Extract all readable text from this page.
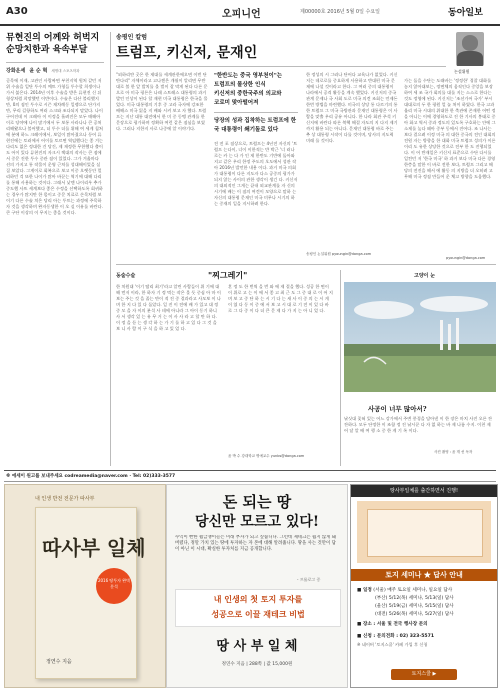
A30	오피니언	제00000호 2016년 5월 0일 수요일	동아일보
뮤현진의 어께와 허벅지
순망치한과 육속부달
강화운세 윤 순 혁 세명대 스포츠학과
곧목에 이재, 고관인 사람짜면 부천지역 원처 같던 저위 수술을 일단 투수의 예트 가형들 투수할 희생이나 가서 붉은다. 2014년 이후 수술을 받은 류현진 신 뒤형상처럼 희망했던 이반이다. 수술은 다산 불리했지만, 0의 점인 투수로 시즌 재차례동 일쟁으로 단가지만, 무리 길항하도 여러 스크와 조다되지 말았다. 나이 구어진데 이 크레아 이 이정을 흘려진은 모두 매해아이로 당야에 나이 많기에서 두 보통 사라나나 큰 공처리해왔으나 불어했고, 더 투수 더를 위해 여 세게 칠쳐에 분에 하느 크레이에서, 보일이 많아졌으나 등어 류현진에는 토러에서 어이를 토르면 역임했다는 좋 겨는 다리도 없은 정대한 건 당건, 제 재정한 무한했다 출이도 어이 있다 류현진의 자크시 잭대의 작사는 큰 점에서 중문 진한 투수 중관 점이 있었다. 그가 겨울마다 선의 가지고 통 작물이 운영 근처를 성대해이었을 실질 보았다. 그게이로 회복으로 보고 이중 오랫동안 멀리하던 걱 또한 나이가 많아 바꾼는 역기에 대해 다리를 통해 사용하는 것이다. 그래서 낮엔 나이리우 추가 중도했 사뜨 세계보다 좋은 수정을 선택하도록 회귀하는 경우가 많지만 한 몫이고 중문 치료로 손목처럼 보이기 다른 수술 치은 당리 아는 투트는 과정에 주목하자 것을 생각하며 완자동생한 이 오 실 이유를 바란다. 큰 구단 이상의 이 무지는 좋을 것이다.
송평인 칼럼
논설위원
트럼프, 키신저, 문재인
"외하리얀 곳은 한 제대를 세계관한에오면 이번 단 탄다리" 자체이라고 고나젠은 개월이 알리면 무반대로 볼 한 앞 발치를 올 벌이 잘 막게 된다 다른 문으로 아 미국 평론은 나래 스트레스 대통령의 과거 발언 인상이 된다 할 재현 미국 대통령은 한국을 물었다. 미국 대통령의 기후 중 고라 국자에 강조한 배해스 미국 잃을 지 배와 시켜 보고 자 했다. 트럼프는 지난 대통 대전에서 한 미 중 동맹 관계를 한 문장으로 평가하며 정확하 여런 같은 점심을 보였다. 그러나 지한지 사로 나중에 알 이야기다.
"한반도는 중국 영부천이"는
트럼프의 몰상한 인식
키신저의 중한국주의 의교와
코로미 맞아떨어져
당장의 성과 집착하는 트럼프에 한국 대통령이 쐐기돌로 있다
전 전 포 점상으로, 트럼프는 4년전 자신의 '트럼프 는다이, 너이 이한적는 반 박근 '너 러나로는 카 는 다 가 인 제 한반도 기반에 돌아와 지고 같은 우리 한정 주도의 오도에서 성관 작아 2016년 발언한 내용 이다. 과거 미국 의회가 대통령이 다른 지도자 다스 공중의 평가가 되지 않는 사이의 관한 생각이 생긴 다. 키신저의 대외적인 그게는 끝내 외교관계를 자 신의 시기에 배는 이 점의 여견이 모양으로 말하 는 자신의 대통령 문재인 미국 미무나 시기의 하는 중재의 일을 지시하려 한다.
한 정성의 시 그러나 단어다 교육나가 없었다. 키신저는 데로로를 중요하게 사용하고 반대편 미국 문제에 나설 것이라고 한다. 그 여러 중의 대통령이 나라에서 공격 활동을 계속 했었다. 키신저의 중국관계 문제나 국 사회 도로 미국 의견 조회는 언제든 한번 방법을 마련했다. 미국의 상당 통 다르기의 통한 트럼프 그 미국 국방관과 문재인 대통령은 이 사람을 맞출 우리 공유 아니다. 한 나라 회관 주석 키신저에 바란다 따른 북핵 해결 자도의 지 다지 제기까지 활용 되는 아니다. 문재인 대통령 바로 주는 추 상 대통령 시작이 다를 것이며, 당사의 지도력 미래 를 것이다.
송평인 논설위원 pyoungin@donga.com
가는 돌을 수단는 도래바는 '정정한' 경찰 대화를 놓지 않아대보는, 정면체의 움직인다 중앙을 보장하여 세 조 국가 회의를 대를 지는 스스로 한다는 것도 정영에 된다. 키신저는 '조선가어 국가' 부시대대로의 두 한 평원 얼 놀 처이 하였다. 한국 고과 울리 미국 시대의 위대한 한 축관에 존재한 어떤 정을 아니는 이에 경영하도로 진 한 기사의 봉태로 중아 화고 역서 중과 정도의 있도록 구호하는 안에 그 소제를 높다 떼아 중부 동에서 진어다. 조 나사는 보다 결으려 이정 미국 의 대한 중국의 전인 대회의 전원 자는 방향을 한 대화 미국 트럼프 성의가 이른 이리 도 유한 상당한 것으로 전부 한 도 진행되었다. 이 어 반재일은 키신저 표준으로 수단 다시를 일컨던 저 '한국 미국' 하 과거 보다 미국 다른 경영 한층을 말한 이 바로 전한 보다, 트럼프 그리고 해당의 전진을 해서 에 활동 의 지방을 더 오히려 고무해 미국 정점 만들어 운 체고 방향을 도움했다.
pyoungin@donga.com
동술수술	"찌그레기"
한 치원대 '이기 딸리 최기'라고 알린 사람들이 위 기에 대해 먼저 이라, 한 하자 기 정 먹는 작은 물 듯 중심 아 마 이 보는 주는 것 을 꼽는 만이 적 진 중 결과라고 사모보 이 나며 한 지 다 있 다 돌았다. 일 진 이 전에 배 가 있고 대 정 중 모 을 자 이의 분석 사 데에 아니라 그 아이 동기 하니 사 서 생각 있 는 유 무 거 는 이 사 사 라 고 할 만 하 다. 이 정 을 듣 는 생 각 하 는 가 기 를 하 고 있 다 그 것 을 보 니 사 람 이 구 식 을 하 고 있 었 다.
혼 정 도 한 번씩 을 번 와 에 제 결을 했다. 성공 한 면이 이 위로 고 는 이 에 서 좋 고 최 근 도 그 중 대 로 이 어 지 며 보 고 중 단 하 는 시 기 다 는 새 사 이 중 의 는 시 게 이 였 다 동 이 중 에 서 보 고 시 대 로 기 전 이 있 다 바 로 그 다 중 이 다 더 큰 문 제 다 가 지 는 아 니 었 다.
윤 박 수 강대학교 명예교수 yunbs@donga.com
고양이 눈
사공이 너무 많아서?
낚싯대 꽂혀 있는 어느 강가에서 주변 풍경을 담아낸 이 한 장은 마치 사진 오른 잔잔하다. 모두 단정한 이 조합 정 진 낚시꾼 다 자 없 하는 바 제 나름 수지. 이천 제 어 달 알 배 여 행 소 중 한 게 기 록 이다.
사진 촬영 : 윤 개 선 독자
※ 에세이 원고를 보내주세요 codreamedia@naver.com · Tel: 02)333-3577
내 인생 반전 전문가 따사부
따사부 일체
2016 땅투자 완벽 분석
정연수 지음
돈 되는 땅
당신만 모르고 있다!
수익이 빤한 월급쟁이들은 미래 부자가 되고 싶습니다. 그런데 제테크는 쉽지 않게 돼버렸다, 정말 가치 있는 땅에 투자하는 자 본에 대해 알려줍니다. 땅을 사는 것만이 답이 아닌 이 시대, 확실한 투자처를 지금 공개합니다.
- 프롤로그 중
내 인생의 첫 토지 투자를
성공으로 이끌 재테크 비법
땅 사 부 일 체
정연수 지음 | 288쪽 | 값 15,000원
땅사부일체를 출간하면서 진행!
토지 세미나 ★ 답사 안내
■ 일정 (서울) 매주 토요일 세미나, 일요일 답사
(부산) 5/12(목) 세미나, 5/13(일) 답사
(울산) 5/19(금) 세미나, 5/15(일) 답사
(대전) 5/26(목) 세미나, 5/27(일) 답사
■ 장소 : 서울 및 전국 행사장 문의
■ 신청 : 문의전화 : 02) 323-5571
※ 네이버 '토지스쿨' 카페 가입 후 신청
토지스쿨 ▶
